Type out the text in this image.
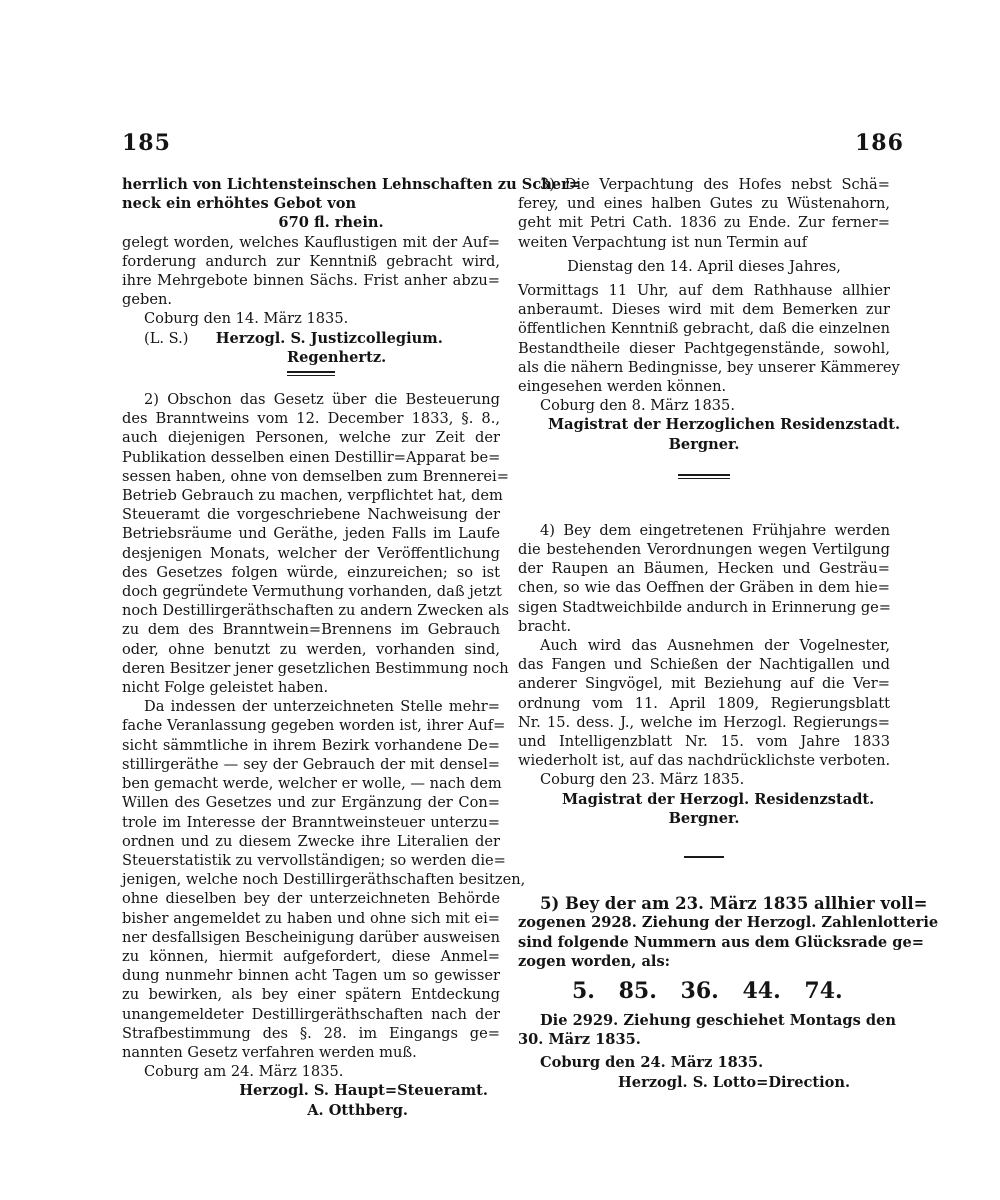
185	186
herrlich von Lichtensteinschen Lehnschaften zu Scher=
neck ein erhöhtes Gebot von
670 fl. rhein.
gelegt worden, welches Kauflustigen mit der Auf=
forderung andurch zur Kenntniß gebracht wird,
ihre Mehrgebote binnen Sächs. Frist anher abzu=
geben.
Coburg den 14. März 1835.
(L. S.) Herzogl. S. Justizcollegium.
Regenhertz.
2) Obschon das Gesetz über die Besteuerung
des Branntweins vom 12. December 1833, §. 8.,
auch diejenigen Personen, welche zur Zeit der
Publikation desselben einen Destillir=Apparat be=
sessen haben, ohne von demselben zum Brennerei=
Betrieb Gebrauch zu machen, verpflichtet hat, dem
Steueramt die vorgeschriebene Nachweisung der
Betriebsräume und Geräthe, jeden Falls im Laufe
desjenigen Monats, welcher der Veröffentlichung
des Gesetzes folgen würde, einzureichen; so ist
doch gegründete Vermuthung vorhanden, daß jetzt
noch Destillirgeräthschaften zu andern Zwecken als
zu dem des Branntwein=Brennens im Gebrauch
oder, ohne benutzt zu werden, vorhanden sind,
deren Besitzer jener gesetzlichen Bestimmung noch
nicht Folge geleistet haben.
Da indessen der unterzeichneten Stelle mehr=
fache Veranlassung gegeben worden ist, ihrer Auf=
sicht sämmtliche in ihrem Bezirk vorhandene De=
stillirgeräthe — sey der Gebrauch der mit densel=
ben gemacht werde, welcher er wolle, — nach dem
Willen des Gesetzes und zur Ergänzung der Con=
trole im Interesse der Branntweinsteuer unterzu=
ordnen und zu diesem Zwecke ihre Literalien der
Steuerstatistik zu vervollständigen; so werden die=
jenigen, welche noch Destillirgeräthschaften besitzen,
ohne dieselben bey der unterzeichneten Behörde
bisher angemeldet zu haben und ohne sich mit ei=
ner desfallsigen Bescheinigung darüber ausweisen
zu können, hiermit aufgefordert, diese Anmel=
dung nunmehr binnen acht Tagen um so gewisser
zu bewirken, als bey einer spätern Entdeckung
unangemeldeter Destillirgeräthschaften nach der
Strafbestimmung des §. 28. im Eingangs ge=
nannten Gesetz verfahren werden muß.
Coburg am 24. März 1835.
Herzogl. S. Haupt=Steueramt.
A. Otthberg.
3) Die Verpachtung des Hofes nebst Schä=
ferey, und eines halben Gutes zu Wüstenahorn,
geht mit Petri Cath. 1836 zu Ende. Zur ferner=
weiten Verpachtung ist nun Termin auf
Dienstag den 14. April dieses Jahres,
Vormittags 11 Uhr, auf dem Rathhause allhier
anberaumt. Dieses wird mit dem Bemerken zur
öffentlichen Kenntniß gebracht, daß die einzelnen
Bestandtheile dieser Pachtgegenstände, sowohl,
als die nähern Bedingnisse, bey unserer Kämmerey
eingesehen werden können.
Coburg den 8. März 1835.
Magistrat der Herzoglichen Residenzstadt.
Bergner.
4) Bey dem eingetretenen Frühjahre werden
die bestehenden Verordnungen wegen Vertilgung
der Raupen an Bäumen, Hecken und Gesträu=
chen, so wie das Oeffnen der Gräben in dem hie=
sigen Stadtweichbilde andurch in Erinnerung ge=
bracht.
Auch wird das Ausnehmen der Vogelnester,
das Fangen und Schießen der Nachtigallen und
anderer Singvögel, mit Beziehung auf die Ver=
ordnung vom 11. April 1809, Regierungsblatt
Nr. 15. dess. J., welche im Herzogl. Regierungs=
und Intelligenzblatt Nr. 15. vom Jahre 1833
wiederholt ist, auf das nachdrücklichste verboten.
Coburg den 23. März 1835.
Magistrat der Herzogl. Residenzstadt.
Bergner.
5) Bey der am 23. März 1835 allhier voll=
zogenen 2928. Ziehung der Herzogl. Zahlenlotterie
sind folgende Nummern aus dem Glücksrade ge=
zogen worden, als:
5. 85. 36. 44. 74.
Die 2929. Ziehung geschiehet Montags den
30. März 1835.
Coburg den 24. März 1835.
Herzogl. S. Lotto=Direction.
